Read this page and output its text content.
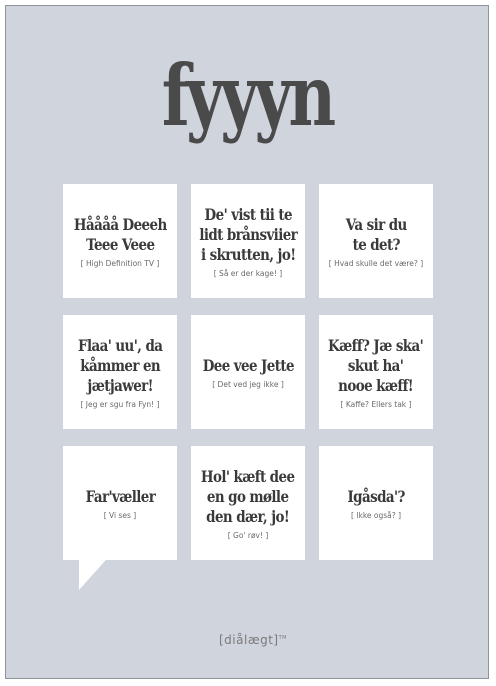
fyyyn
Håååå Deeeh
Teee Veee
[ High Definition TV ]
De' vist tii te
lidt brånsviier
i skrutten, jo!
[ Så er der kage! ]
Va sir du
te det?
[ Hvad skulle det være? ]
Flaa' uu', da
kåmmer en
jætjawer!
[ Jeg er sgu fra Fyn! ]
Dee vee Jette
[ Det ved jeg ikke ]
Kæff? Jæ ska'
skut ha'
nooe kæff!
[ Kaffe? Ellers tak ]
Far'væller
[ Vi ses ]
Hol' kæft dee
en go mølle
den dær, jo!
[ Go' røv! ]
Igåsda'?
[ Ikke også? ]
[diålægt]™
